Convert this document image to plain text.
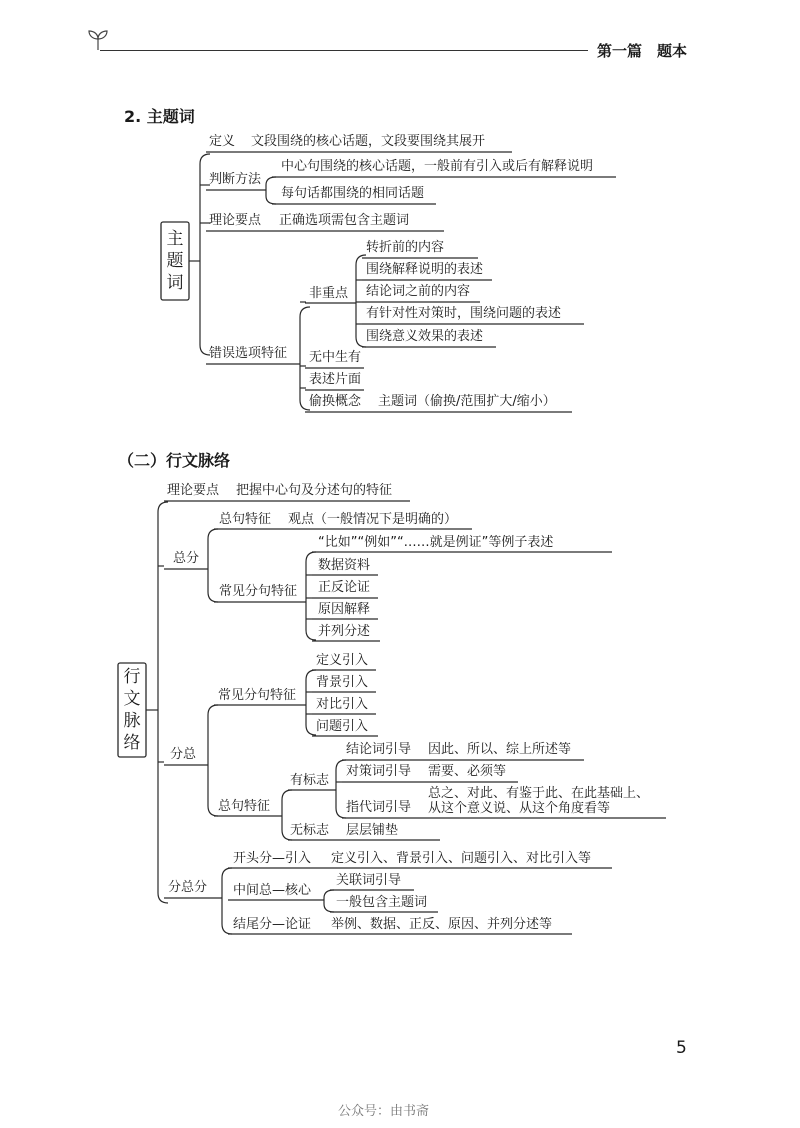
第一篇　题本
2. 主题词
主
题
词
定义 文段围绕的核心话题，文段要围绕其展开
判断方法
中心句围绕的核心话题，一般前有引入或后有解释说明
每句话都围绕的相同话题
理论要点 正确选项需包含主题词
错误选项特征
非重点
转折前的内容
围绕解释说明的表述
结论词之前的内容
有针对性对策时，围绕问题的表述
围绕意义效果的表述
无中生有
表述片面
偷换概念 主题词（偷换/范围扩大/缩小）
（二）行文脉络
行
文
脉
络
理论要点 把握中心句及分述句的特征
总分
总句特征 观点（一般情况下是明确的）
常见分句特征
“比如”“例如”“……就是例证”等例子表述
数据资料
正反论证
原因解释
并列分述
分总
常见分句特征
定义引入
背景引入
对比引入
问题引入
总句特征
有标志
结论词引导 因此、所以、综上所述等
对策词引导 需要、必须等
指代词引导
总之、对此、有鉴于此、在此基础上、
从这个意义说、从这个角度看等
无标志 层层铺垫
分总分
开头分—引入 定义引入、背景引入、问题引入、对比引入等
中间总—核心
关联词引导
一般包含主题词
结尾分—论证 举例、数据、正反、原因、并列分述等
5
公众号：由书斋
